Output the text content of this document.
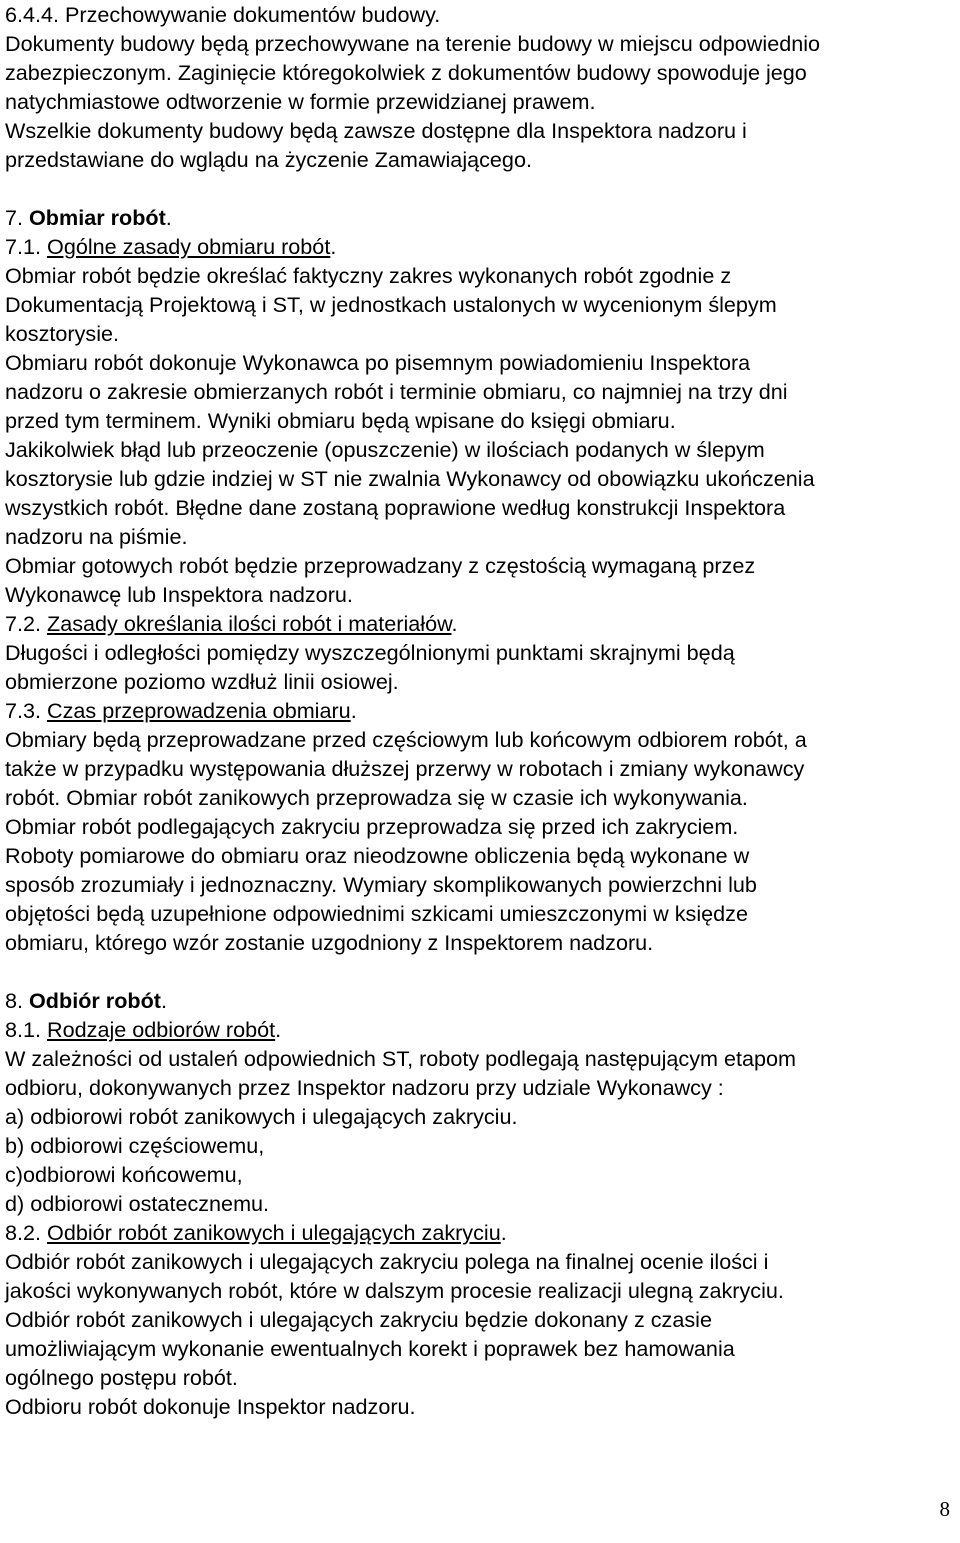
6.4.4. Przechowywanie dokumentów budowy.
Dokumenty budowy będą przechowywane na terenie budowy w miejscu odpowiednio
zabezpieczonym. Zaginięcie któregokolwiek z dokumentów budowy spowoduje jego
natychmiastowe odtworzenie w formie przewidzianej prawem.
Wszelkie dokumenty budowy będą zawsze dostępne dla Inspektora nadzoru i
przedstawiane do wglądu na życzenie Zamawiającego.
7. Obmiar robót.
7.1. Ogólne zasady obmiaru robót.
Obmiar robót będzie określać faktyczny zakres wykonanych robót zgodnie z
Dokumentacją Projektową i ST, w jednostkach ustalonych w wycenionym ślepym
kosztorysie.
Obmiaru robót dokonuje Wykonawca po pisemnym powiadomieniu Inspektora
nadzoru o zakresie obmierzanych robót i terminie obmiaru, co najmniej na trzy dni
przed tym terminem. Wyniki obmiaru będą wpisane do księgi obmiaru.
Jakikolwiek błąd lub przeoczenie (opuszczenie) w ilościach podanych w ślepym
kosztorysie lub gdzie indziej w ST nie zwalnia Wykonawcy od obowiązku ukończenia
wszystkich robót. Błędne dane zostaną poprawione według konstrukcji Inspektora
nadzoru na piśmie.
Obmiar gotowych robót będzie przeprowadzany z częstością wymaganą przez
Wykonawcę lub Inspektora nadzoru.
7.2. Zasady określania ilości robót i materiałów.
Długości i odległości pomiędzy wyszczególnionymi punktami skrajnymi będą
obmierzone poziomo wzdłuż linii osiowej.
7.3. Czas przeprowadzenia obmiaru.
Obmiary będą przeprowadzane przed częściowym lub końcowym odbiorem robót, a
także w przypadku występowania dłuższej przerwy w robotach i zmiany wykonawcy
robót. Obmiar robót zanikowych przeprowadza się w czasie ich wykonywania.
Obmiar robót podlegających zakryciu przeprowadza się przed ich zakryciem.
Roboty pomiarowe do obmiaru oraz nieodzowne obliczenia będą wykonane w
sposób zrozumiały i jednoznaczny. Wymiary skomplikowanych powierzchni lub
objętości będą uzupełnione odpowiednimi szkicami umieszczonymi w księdze
obmiaru, którego wzór zostanie uzgodniony z Inspektorem nadzoru.
8. Odbiór robót.
8.1. Rodzaje odbiorów robót.
W zależności od ustaleń odpowiednich ST, roboty podlegają następującym etapom
odbioru, dokonywanych przez Inspektor nadzoru przy udziale Wykonawcy :
a) odbiorowi robót zanikowych i ulegających zakryciu.
b) odbiorowi częściowemu,
c)odbiorowi końcowemu,
d) odbiorowi ostatecznemu.
8.2. Odbiór robót zanikowych i ulegających zakryciu.
Odbiór robót zanikowych i ulegających zakryciu polega na finalnej ocenie ilości i
jakości wykonywanych robót, które w dalszym procesie realizacji ulegną zakryciu.
Odbiór robót zanikowych i ulegających zakryciu będzie dokonany z czasie
umożliwiającym wykonanie ewentualnych korekt i poprawek bez hamowania
ogólnego postępu robót.
Odbioru robót dokonuje Inspektor nadzoru.
8
